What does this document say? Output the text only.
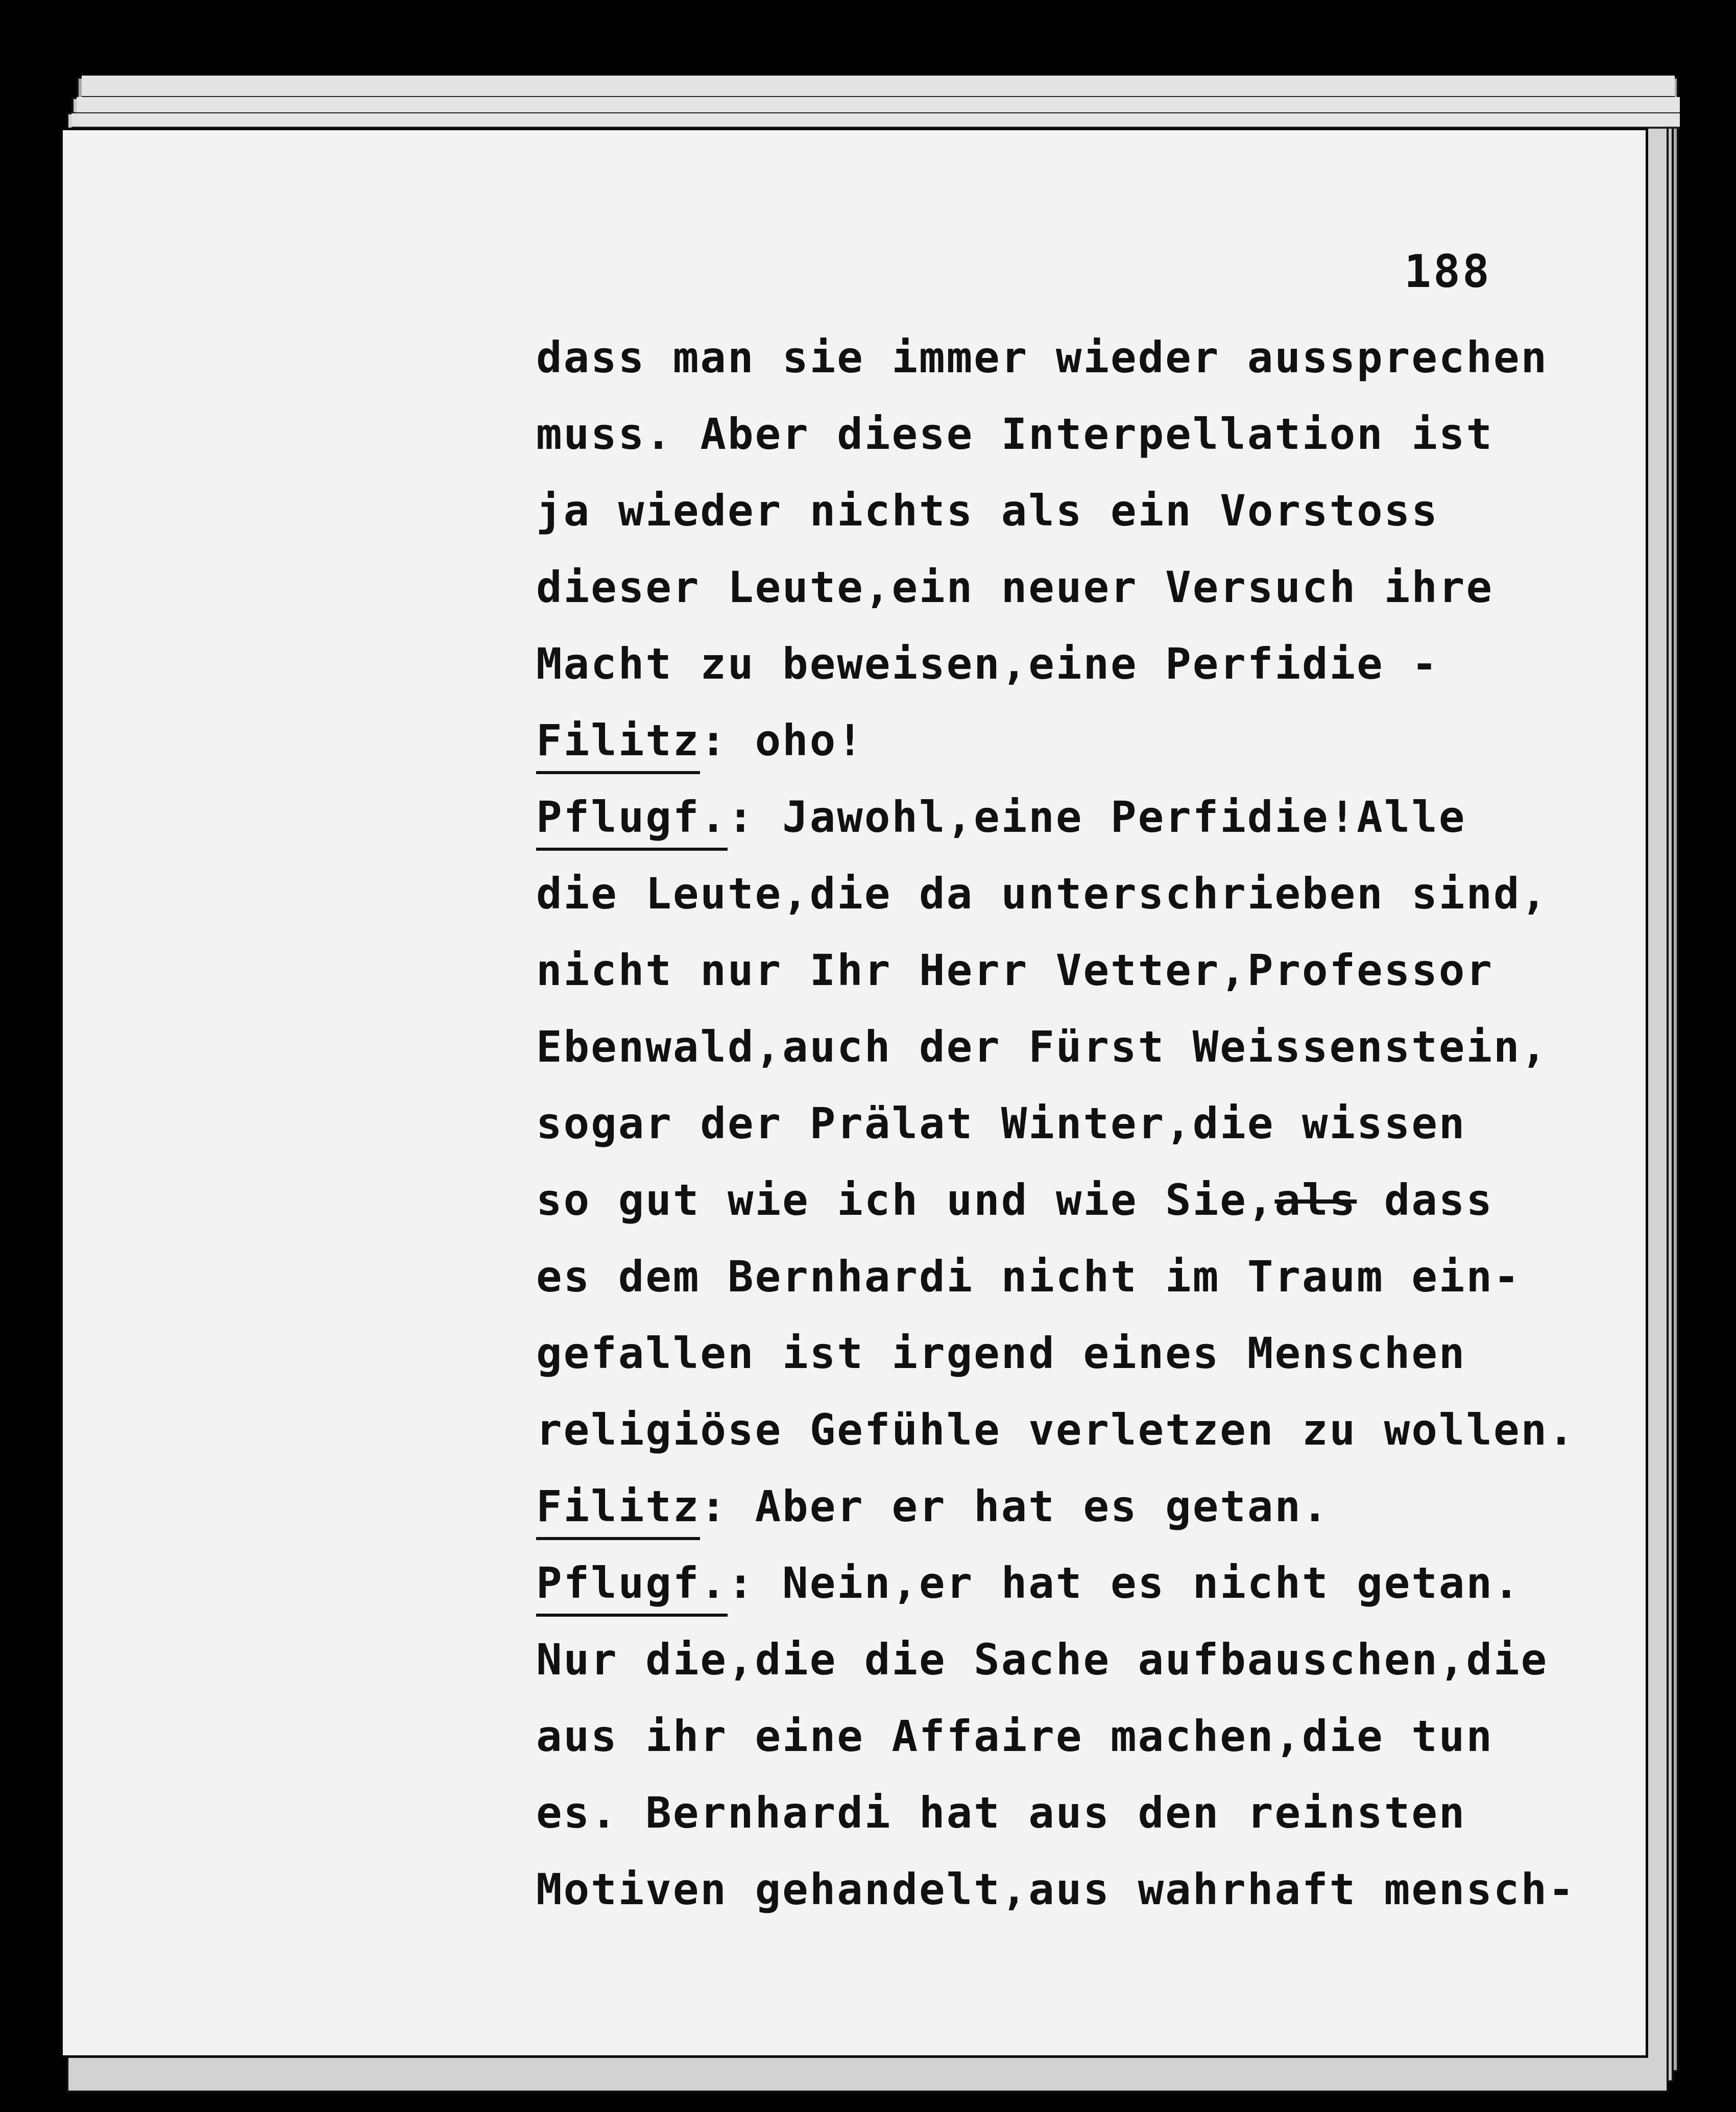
188
dass man sie immer wieder aussprechen
muss. Aber diese Interpellation ist
ja wieder nichts als ein Vorstoss
dieser Leute,ein neuer Versuch ihre
Macht zu beweisen,eine Perfidie -
Filitz: oho!
Pflugf.: Jawohl,eine Perfidie!Alle
die Leute,die da unterschrieben sind,
nicht nur Ihr Herr Vetter,Professor
Ebenwald,auch der Fürst Weissenstein,
sogar der Prälat Winter,die wissen
so gut wie ich und wie Sie,als dass
es dem Bernhardi nicht im Traum ein-
gefallen ist irgend eines Menschen
religiöse Gefühle verletzen zu wollen.
Filitz: Aber er hat es getan.
Pflugf.: Nein,er hat es nicht getan.
Nur die,die die Sache aufbauschen,die
aus ihr eine Affaire machen,die tun
es. Bernhardi hat aus den reinsten
Motiven gehandelt,aus wahrhaft mensch-
